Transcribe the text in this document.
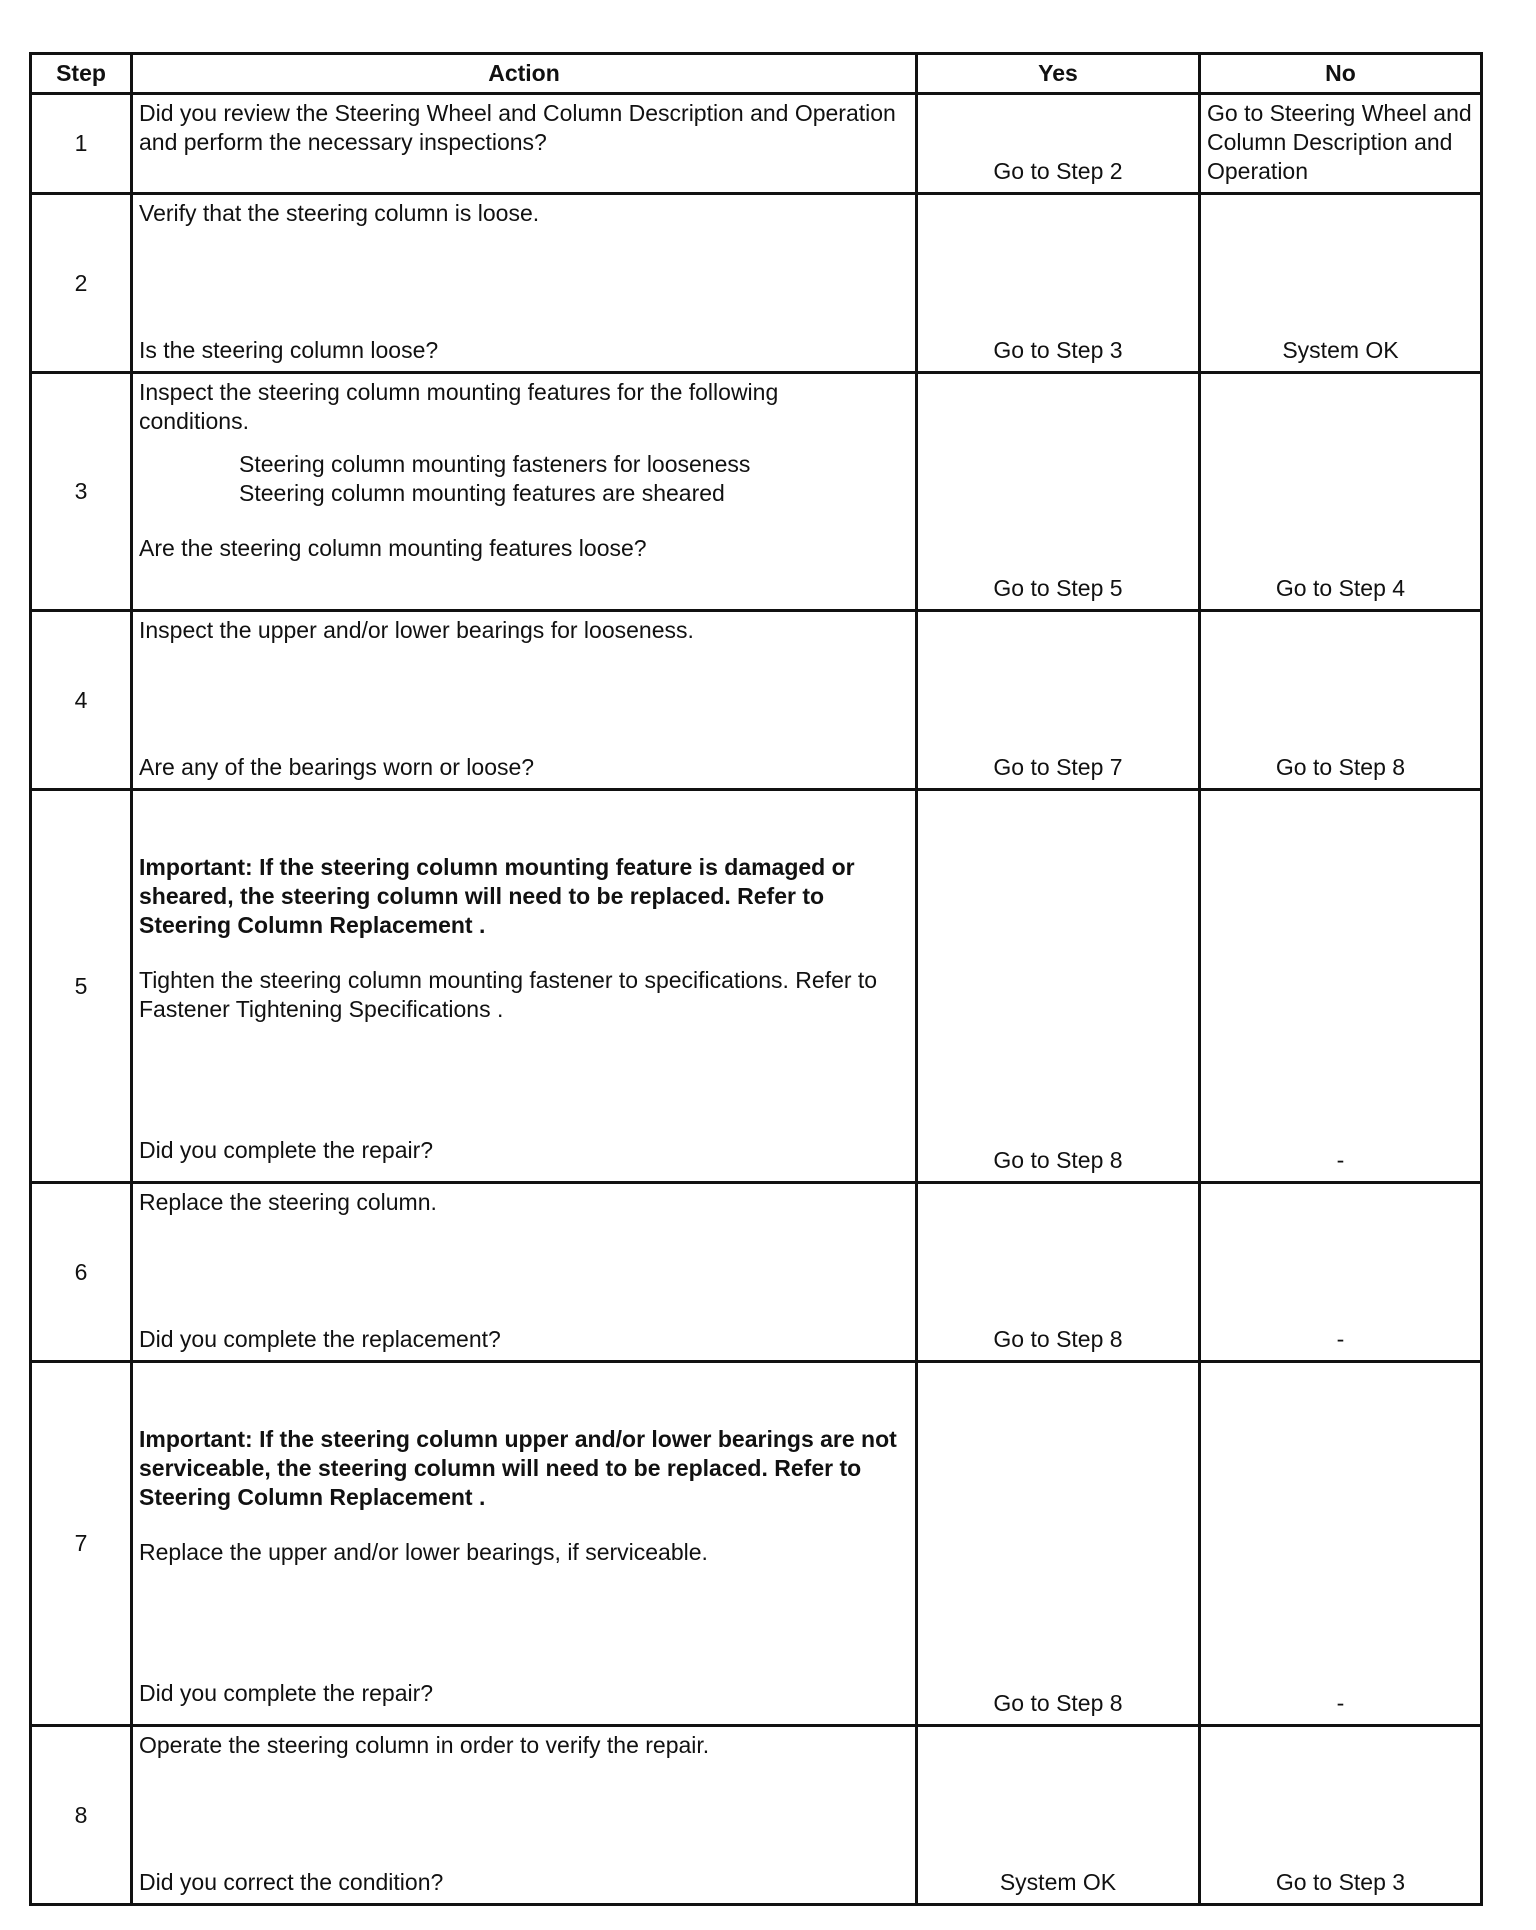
Step	Action	Yes	No
1	Did you review the Steering Wheel and Column Description and Operation and perform the necessary inspections?	Go to Step 2	Go to Steering Wheel and Column Description and Operation
2	Verify that the steering column is loose.

Is the steering column loose?	Go to Step 3	System OK
3	Inspect the steering column mounting features for the following conditions.

Steering column mounting fasteners for looseness

Steering column mounting features are sheared

Are the steering column mounting features loose?	Go to Step 5	Go to Step 4
4	Inspect the upper and/or lower bearings for looseness.

Are any of the bearings worn or loose?	Go to Step 7	Go to Step 8
5	Important: If the steering column mounting feature is damaged or sheared, the steering column will need to be replaced. Refer to Steering Column Replacement .

Tighten the steering column mounting fastener to specifications. Refer to Fastener Tightening Specifications .

Did you complete the repair?	Go to Step 8	-
6	Replace the steering column.

Did you complete the replacement?	Go to Step 8	-
7	Important: If the steering column upper and/or lower bearings are not serviceable, the steering column will need to be replaced. Refer to Steering Column Replacement .

Replace the upper and/or lower bearings, if serviceable.

Did you complete the repair?	Go to Step 8	-
8	Operate the steering column in order to verify the repair.

Did you correct the condition?	System OK	Go to Step 3
